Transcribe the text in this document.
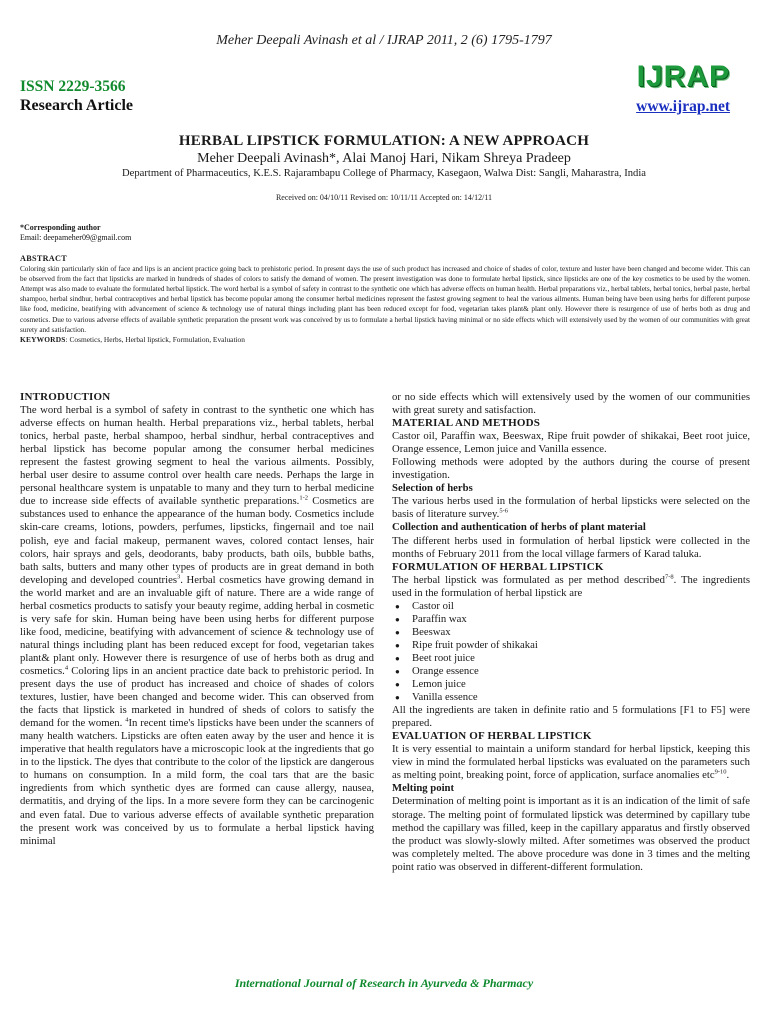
Meher Deepali Avinash et al / IJRAP 2011, 2 (6) 1795-1797
ISSN 2229-3566
Research Article
IJRAP
www.ijrap.net
HERBAL LIPSTICK FORMULATION: A NEW APPROACH
Meher Deepali Avinash*, Alai Manoj Hari, Nikam Shreya Pradeep
Department of Pharmaceutics, K.E.S. Rajarambapu College of Pharmacy, Kasegaon, Walwa Dist: Sangli, Maharastra, India
Received on: 04/10/11 Revised on: 10/11/11 Accepted on: 14/12/11
*Corresponding author
Email: deepameher09@gmail.com
ABSTRACT

Coloring skin particularly skin of face and lips is an ancient practice going back to prehistoric period. In present days the use of such product has increased and choice of shades of color, texture and luster have been changed and become wider. This can be observed from the fact that lipsticks are marked in hundreds of shades of colors to satisfy the demand of women. The present investigation was done to formulate herbal lipstick, since lipsticks are one of the key cosmetics to be used by the women. Attempt was also made to evaluate the formulated herbal lipstick. The word herbal is a symbol of safety in contrast to the synthetic one which has adverse effects on human health. Herbal preparations viz., herbal tablets, herbal tonics, herbal paste, herbal shampoo, herbal sindhur, herbal contraceptives and herbal lipstick has become popular among the consumer herbal medicines represent the fastest growing segment to heal the various ailments. Human being have been using herbs for different purpose like food, medicine, beatifying with advancement of science & technology use of natural things including plant has been reduced except for food, vegetarian takes plant& plant only. However there is resurgence of use of herbs both as drug and cosmetics. Due to various adverse effects of available synthetic preparation the present work was conceived by us to formulate a herbal lipstick having minimal or no side effects which will extensively used by the women of our communities with great surety and satisfaction.

KEYWORDS: Cosmetics, Herbs, Herbal lipstick, Formulation, Evaluation

INTRODUCTION

The word herbal is a symbol of safety in contrast to the synthetic one which has adverse effects on human health. Herbal preparations viz., herbal tablets, herbal tonics, herbal paste, herbal shampoo, herbal sindhur, herbal contraceptives and herbal lipstick has become popular among the consumer herbal medicines represent the fastest growing segment to heal the various ailments. Possibly, herbal user desire to assume control over health care needs. Perhaps the large in personal healthcare system is unpatable to many and they turn to herbal medicine due to increase side effects of available synthetic preparations.$^{1-2}$ Cosmetics are substances used to enhance the appearance of the human body. Cosmetics include skin-care creams, lotions, powders, perfumes, lipsticks, fingernail and toe nail polish, eye and facial makeup, permanent waves, colored contact lenses, hair colors, hair sprays and gels, deodorants, baby products, bath oils, bubble baths, bath salts, butters and many other types of products are in great demand in both developing and developed countries$^3$. Herbal cosmetics have growing demand in the world market and are an invaluable gift of nature. There are a wide range of herbal cosmetics products to satisfy your beauty regime, adding herbal in cosmetic is very safe for skin. Human being have been using herbs for different purpose like food, medicine, beatifying with advancement of science & technology use of natural things including plant has been reduced except for food, vegetarian takes plant& plant only. However there is resurgence of use of herbs both as drug and cosmetics.$^4$ Coloring lips in an ancient practice date back to prehistoric period. In present days the use of product has increased and choice of shades of colors textures, lustier, have been changed and become wider. This can observed from the facts that lipstick is marketed in hundred of sheds of colors to satisfy the demand for the women. $^4$In recent time's lipsticks have been under the scanners of many health watchers. Lipsticks are often eaten away by the user and hence it is imperative that health regulators have a microscopic look at the ingredients that go in to the lipstick. The dyes that contribute to the color of the lipstick are dangerous to humans on consumption. In a mild form, the coal tars that are the basic ingredients from which synthetic dyes are formed can cause allergy, nausea, dermatitis, and drying of the lips. In a more severe form they can be carcinogenic and even fatal. Due to various adverse effects of available synthetic preparation the present work was conceived by us to formulate a herbal lipstick having minimal

or no side effects which will extensively used by the women of our communities with great surety and satisfaction.

MATERIAL AND METHODS

Castor oil, Paraffin wax, Beeswax, Ripe fruit powder of shikakai, Beet root juice, Orange essence, Lemon juice and Vanilla essence.

Following methods were adopted by the authors during the course of present investigation.

Selection of herbs

The various herbs used in the formulation of herbal lipsticks were selected on the basis of literature survey.$^{5-6}$

Collection and authentication of herbs of plant material

The different herbs used in formulation of herbal lipstick were collected in the months of February 2011 from the local village farmers of Karad taluka.

FORMULATION OF HERBAL LIPSTICK

The herbal lipstick was formulated as per method described$^{7-8}$. The ingredients used in the formulation of herbal lipstick are

● Castor oil
● Paraffin wax
● Beeswax
● Ripe fruit powder of shikakai
● Beet root juice
● Orange essence
● Lemon juice
● Vanilla essence

All the ingredients are taken in definite ratio and 5 formulations [F1 to F5] were prepared.

EVALUATION OF HERBAL LIPSTICK

It is very essential to maintain a uniform standard for herbal lipstick, keeping this view in mind the formulated herbal lipsticks was evaluated on the parameters such as melting point, breaking point, force of application, surface anomalies etc$^{9-10}$.

Melting point

Determination of melting point is important as it is an indication of the limit of safe storage. The melting point of formulated lipstick was determined by capillary tube method the capillary was filled, keep in the capillary apparatus and firstly observed the product was slowly-slowly milted. After sometimes was observed the product was completely melted. The above procedure was done in 3 times and the melting point ratio was observed in different-different formulation.

International Journal of Research in Ayurveda & Pharmacy
